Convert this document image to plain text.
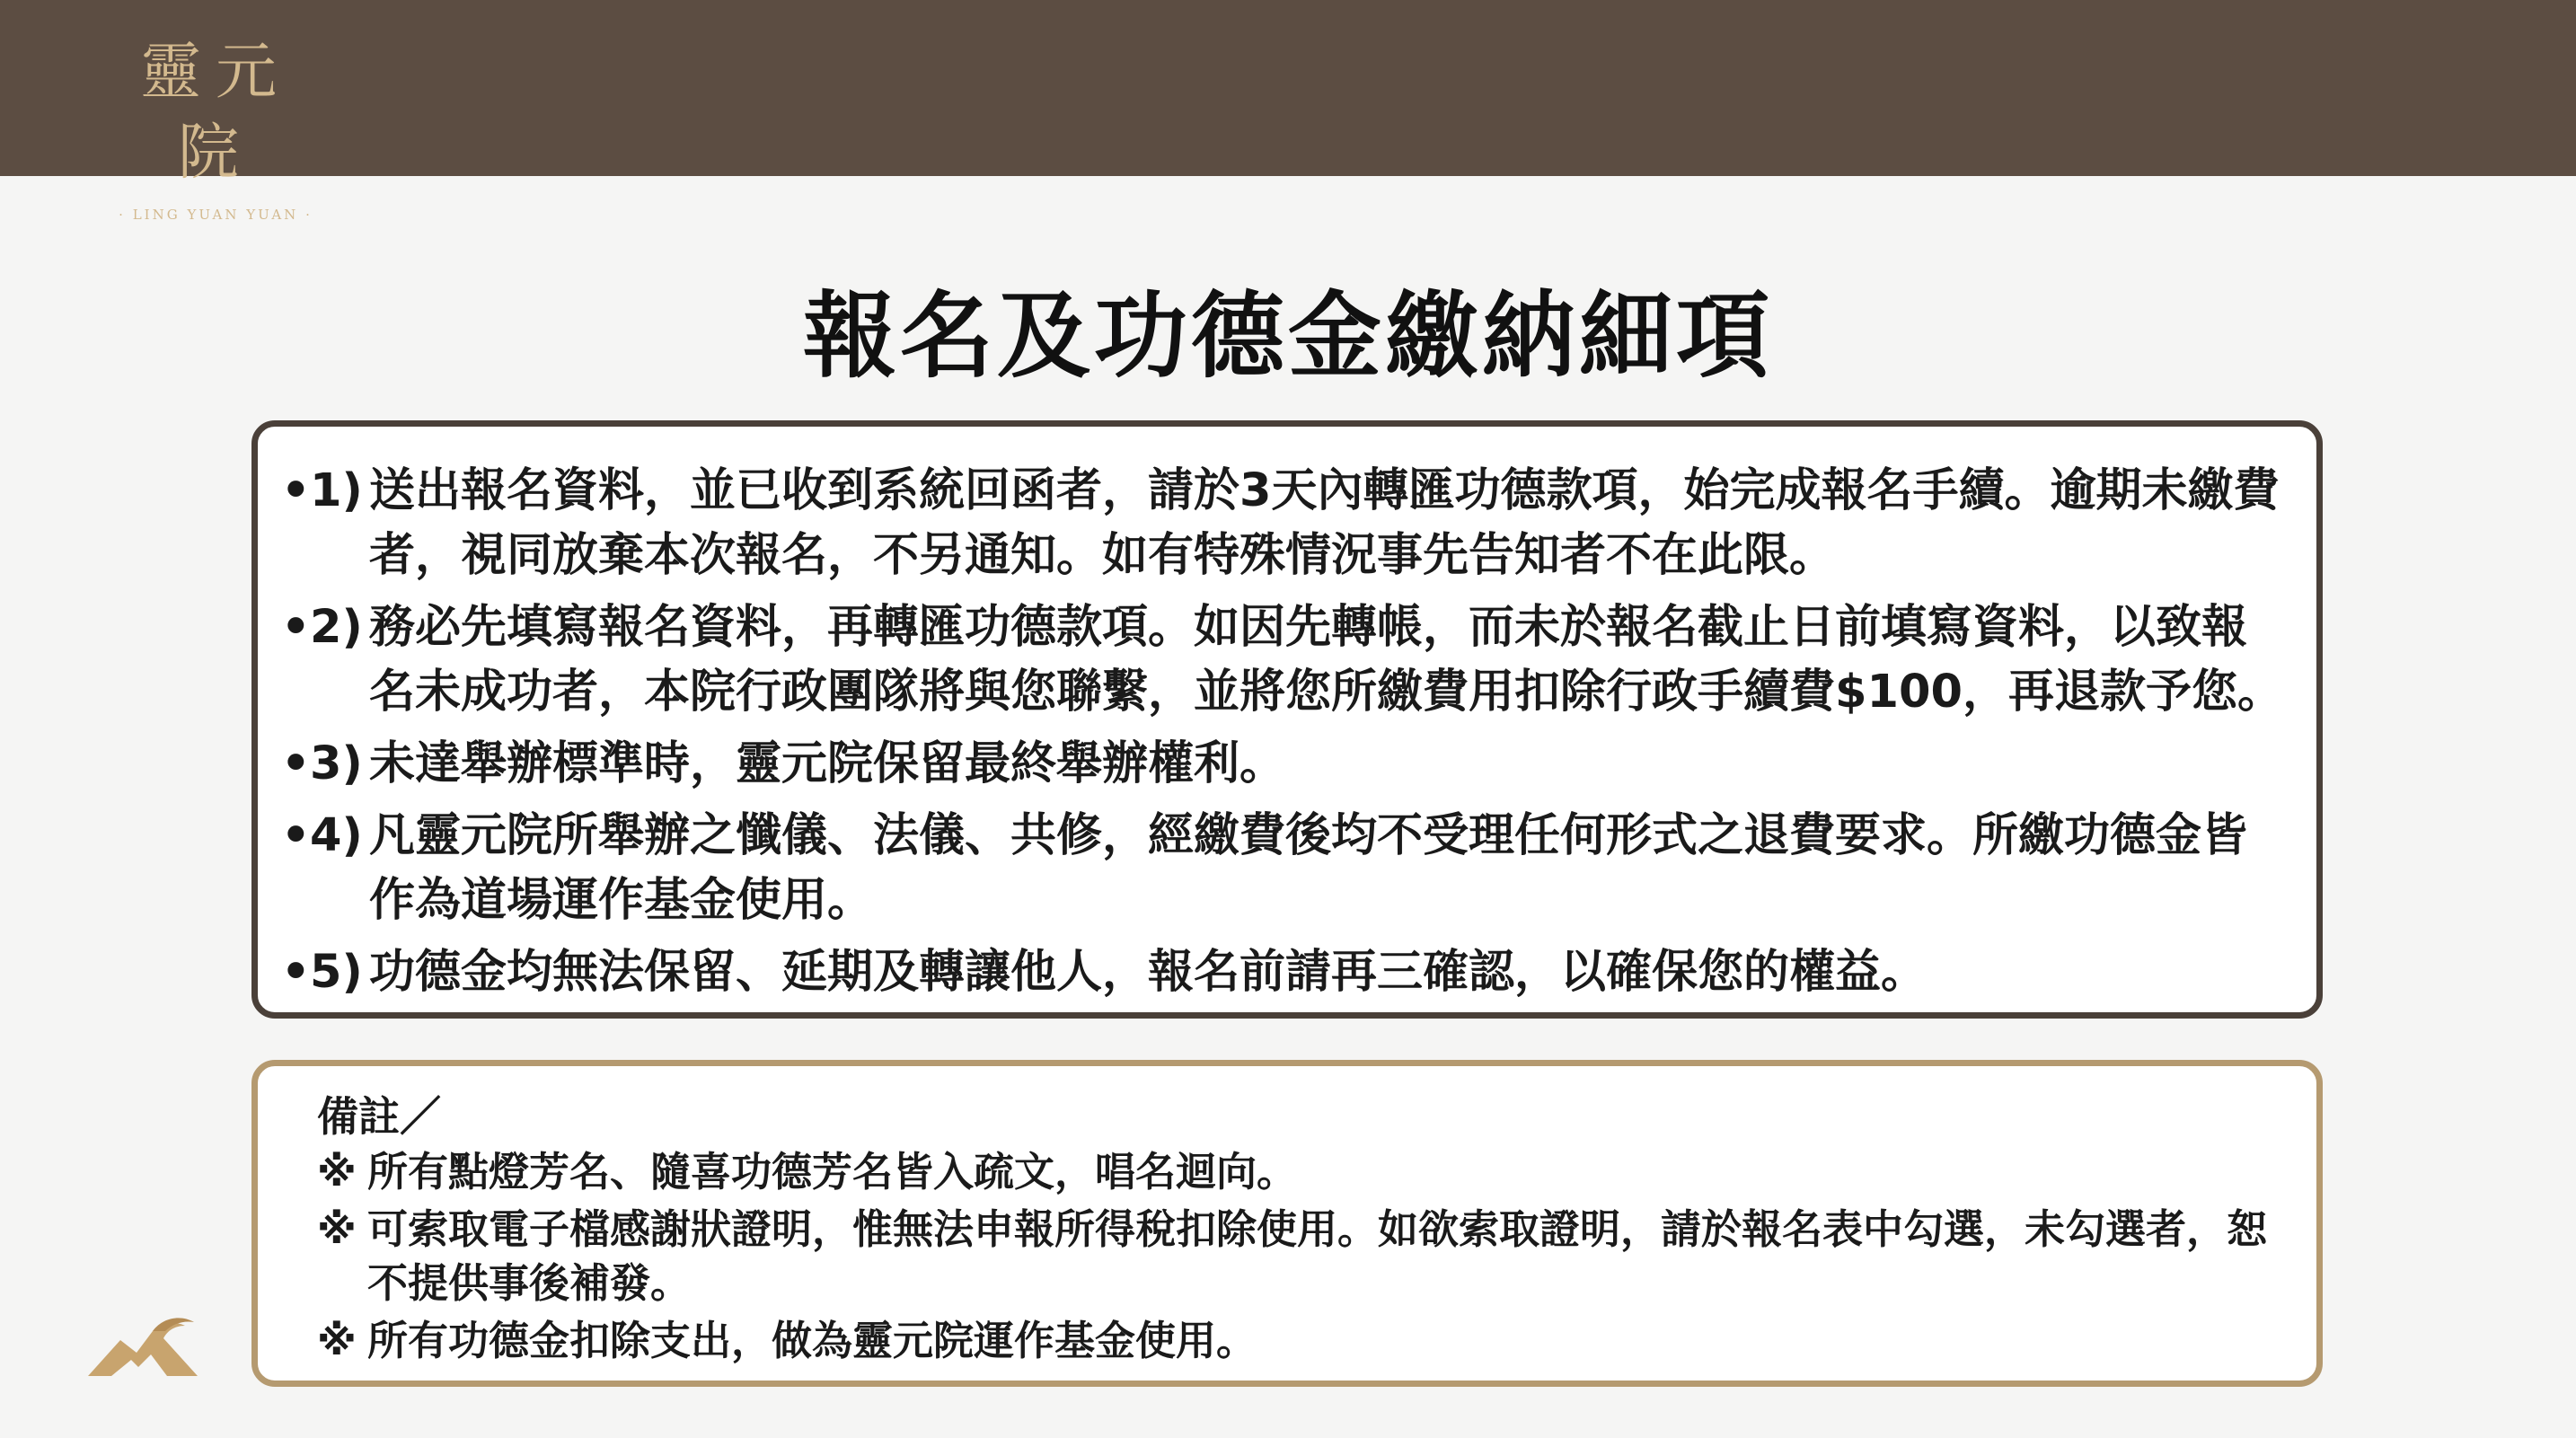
靈元院
· LING YUAN YUAN ·
報名及功德金繳納細項
• 1) 送出報名資料，並已收到系統回函者，請於3天內轉匯功德款項，始完成報名手續。逾期未繳費者，視同放棄本次報名，不另通知。如有特殊情況事先告知者不在此限。
• 2) 務必先填寫報名資料，再轉匯功德款項。如因先轉帳，而未於報名截止日前填寫資料，以致報名未成功者，本院行政團隊將與您聯繫，並將您所繳費用扣除行政手續費$100，再退款予您。
• 3) 未達舉辦標準時，靈元院保留最終舉辦權利。
• 4) 凡靈元院所舉辦之懺儀、法儀、共修，經繳費後均不受理任何形式之退費要求。所繳功德金皆作為道場運作基金使用。
• 5) 功德金均無法保留、延期及轉讓他人，報名前請再三確認，以確保您的權益。
備註／
※ 所有點燈芳名、隨喜功德芳名皆入疏文，唱名迴向。
※ 可索取電子檔感謝狀證明，惟無法申報所得稅扣除使用。如欲索取證明，請於報名表中勾選，未勾選者，恕不提供事後補發。
※ 所有功德金扣除支出，做為靈元院運作基金使用。
